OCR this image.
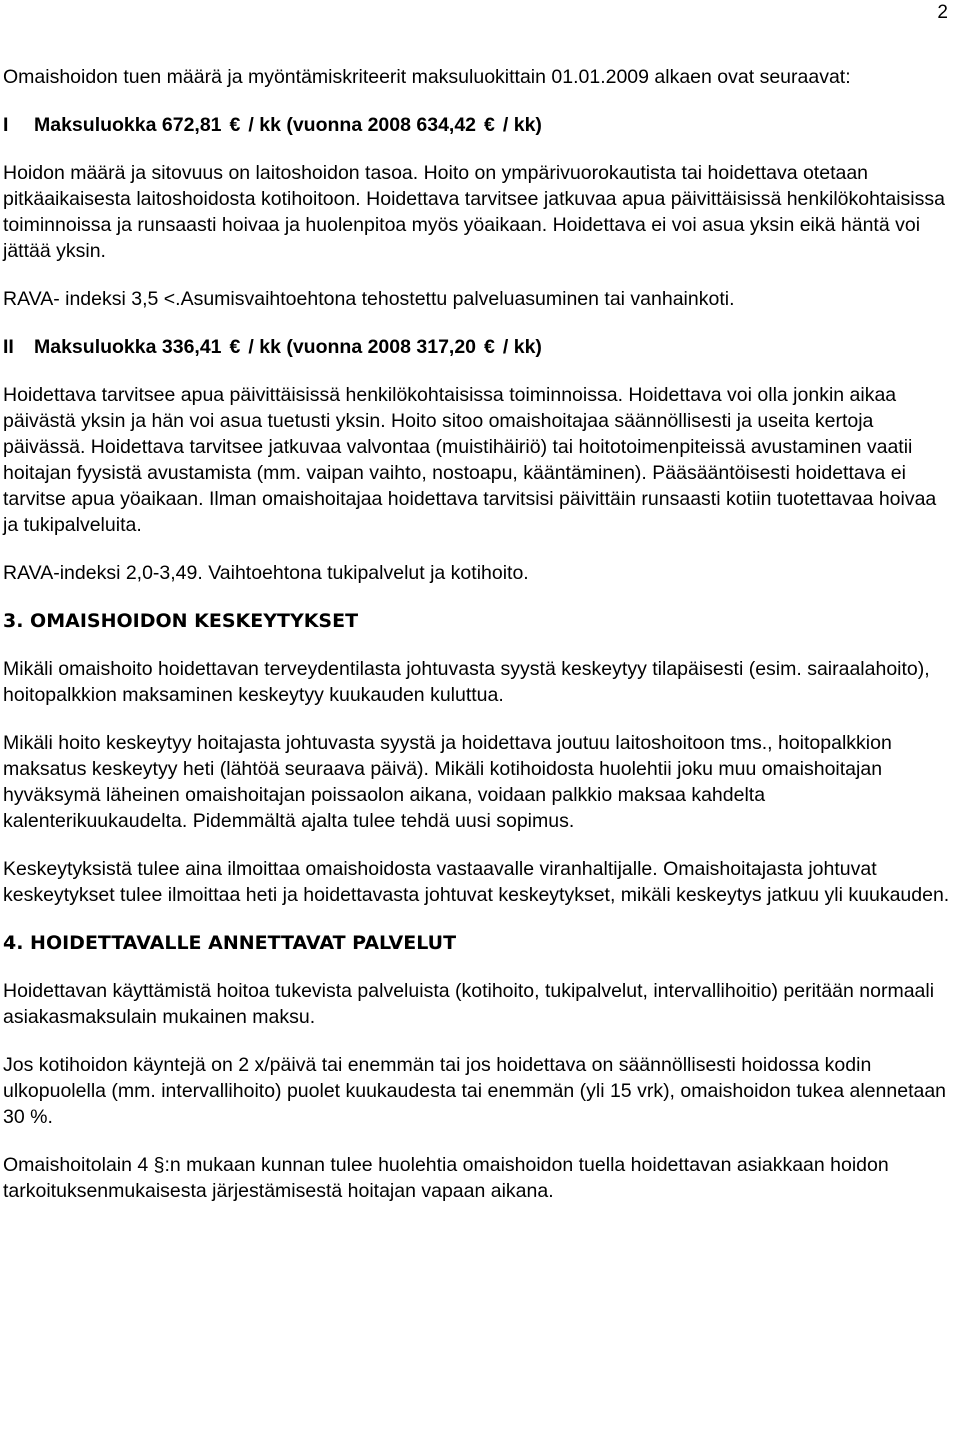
2

Omaishoidon tuen määrä ja myöntämiskriteerit maksuluokittain 01.01.2009 alkaen ovat seuraavat:

I Maksuluokka 672,81 € / kk (vuonna 2008 634,42 € / kk)

Hoidon määrä ja sitovuus on laitoshoidon tasoa. Hoito on ympärivuorokautista tai hoidettava otetaan pitkäaikaisesta laitoshoidosta kotihoitoon. Hoidettava tarvitsee jatkuvaa apua päivittäisissä henkilökohtaisissa toiminnoissa ja runsaasti hoivaa ja huolenpitoa myös yöaikaan. Hoidettava ei voi asua yksin eikä häntä voi jättää yksin.

RAVA- indeksi 3,5 <.Asumisvaihtoehtona tehostettu palveluasuminen tai vanhainkoti.

II Maksuluokka 336,41 € / kk (vuonna 2008 317,20 € / kk)

Hoidettava tarvitsee apua päivittäisissä henkilökohtaisissa toiminnoissa. Hoidettava voi olla jonkin aikaa päivästä yksin ja hän voi asua tuetusti yksin. Hoito sitoo omaishoitajaa säännöllisesti ja useita kertoja päivässä. Hoidettava tarvitsee jatkuvaa valvontaa (muistihäiriö) tai hoitotoimenpiteissä avustaminen vaatii hoitajan fyysistä avustamista (mm. vaipan vaihto, nostoapu, kääntäminen). Pääsääntöisesti hoidettava ei tarvitse apua yöaikaan. Ilman omaishoitajaa hoidettava tarvitsisi päivittäin runsaasti kotiin tuotettavaa hoivaa ja tukipalveluita.

RAVA-indeksi 2,0-3,49. Vaihtoehtona tukipalvelut ja kotihoito.

3. OMAISHOIDON KESKEYTYKSET

Mikäli omaishoito hoidettavan terveydentilasta johtuvasta syystä keskeytyy tilapäisesti (esim. sairaalahoito), hoitopalkkion maksaminen keskeytyy kuukauden kuluttua.

Mikäli hoito keskeytyy hoitajasta johtuvasta syystä ja hoidettava joutuu laitoshoitoon tms., hoitopalkkion maksatus keskeytyy heti (lähtöä seuraava päivä). Mikäli kotihoidosta huolehtii joku muu omaishoitajan hyväksymä läheinen omaishoitajan poissaolon aikana, voidaan palkkio maksaa kahdelta kalenterikuukaudelta. Pidemmältä ajalta tulee tehdä uusi sopimus.

Keskeytyksistä tulee aina ilmoittaa omaishoidosta vastaavalle viranhaltijalle. Omaishoitajasta johtuvat keskeytykset tulee ilmoittaa heti ja hoidettavasta johtuvat keskeytykset, mikäli keskeytys jatkuu yli kuukauden.

4. HOIDETTAVALLE ANNETTAVAT PALVELUT

Hoidettavan käyttämistä hoitoa tukevista palveluista (kotihoito, tukipalvelut, intervallihoitio) peritään normaali asiakasmaksulain mukainen maksu.

Jos kotihoidon käyntejä on 2 x/päivä tai enemmän tai jos hoidettava on säännöllisesti hoidossa kodin ulkopuolella (mm. intervallihoito) puolet kuukaudesta tai enemmän (yli 15 vrk), omaishoidon tukea alennetaan 30 %.

Omaishoitolain 4 §:n mukaan kunnan tulee huolehtia omaishoidon tuella hoidettavan asiakkaan hoidon tarkoituksenmukaisesta järjestämisestä hoitajan vapaan aikana.
